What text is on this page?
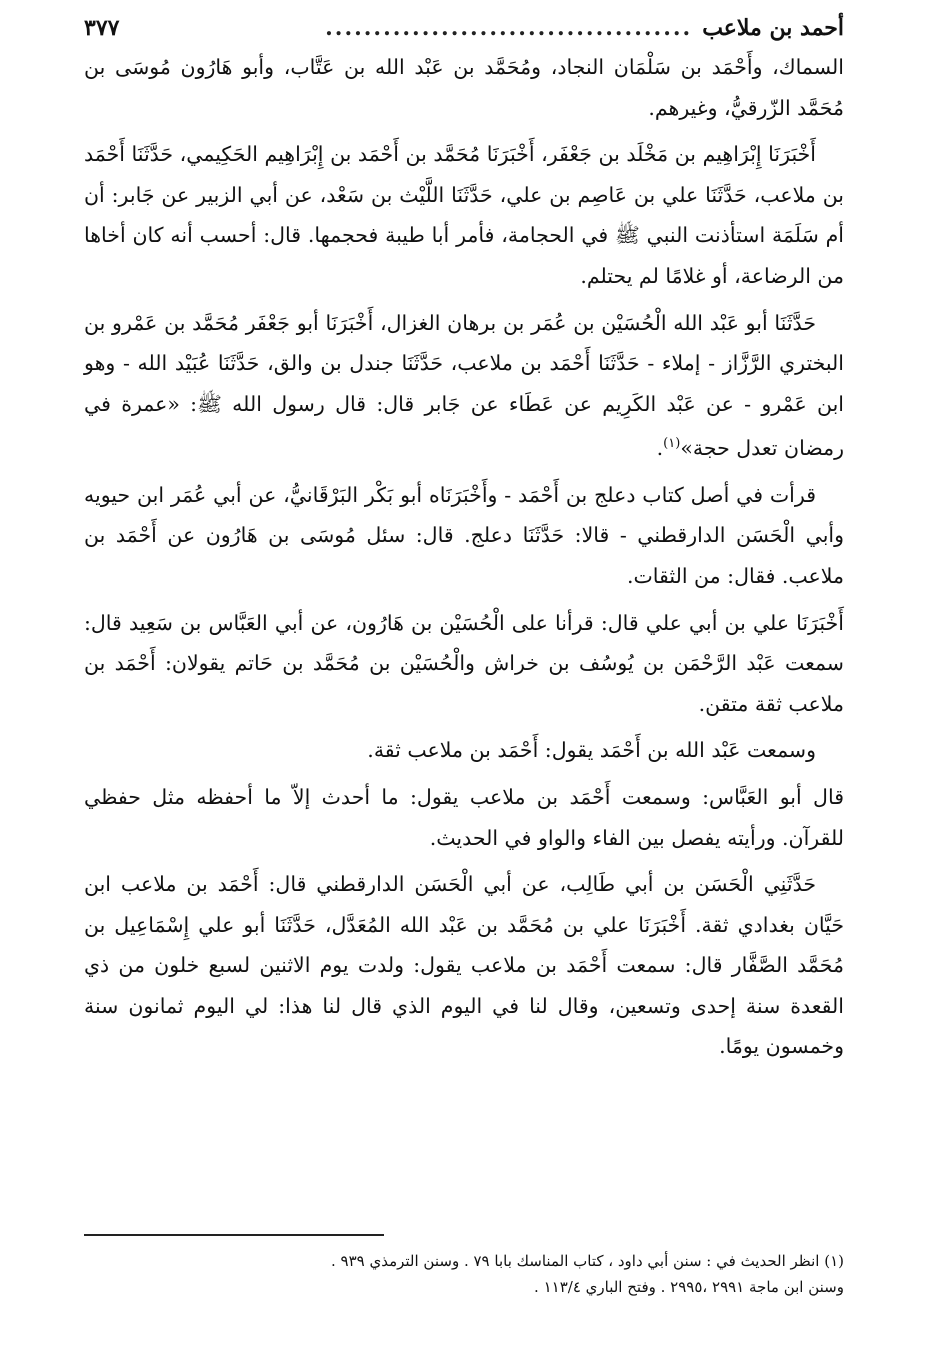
أحمد بن ملاعب
......................................
٣٧٧

السماك، وأَحْمَد بن سَلْمَان النجاد، ومُحَمَّد بن عَبْد الله بن عَتَّاب، وأبو هَارُون مُوسَى بن مُحَمَّد الزّرقيُّ، وغيرهم.

أَخْبَرَنَا إِبْرَاهِيم بن مَخْلَد بن جَعْفَر، أَخْبَرَنَا مُحَمَّد بن أَحْمَد بن إِبْرَاهِيم الحَكِيمي، حَدَّثَنَا أَحْمَد بن ملاعب، حَدَّثَنَا علي بن عَاصِم بن علي، حَدَّثَنَا اللَّيْث بن سَعْد، عن أبي الزبير عن جَابر: أن أم سَلَمَة استأذنت النبي ﷺ في الحجامة، فأمر أبا طيبة فحجمها. قال: أحسب أنه كان أخاها من الرضاعة، أو غلامًا لم يحتلم.

حَدَّثَنَا أبو عَبْد الله الْحُسَيْن بن عُمَر بن برهان الغزال، أَخْبَرَنَا أبو جَعْفَر مُحَمَّد بن عَمْرو بن البختري الرَّزَّاز - إملاء - حَدَّثَنَا أَحْمَد بن ملاعب، حَدَّثَنَا جندل بن والق، حَدَّثَنَا عُبَيْد الله - وهو ابن عَمْرو - عن عَبْد الكَرِيم عن عَطَاء عن جَابر قال: قال رسول الله ﷺ: «عمرة في رمضان تعدل حجة»$^{(١)}$.

قرأت في أصل كتاب دعلج بن أَحْمَد - وأَخْبَرَنَاه أبو بَكْر البَرْقَانيُّ، عن أبي عُمَر ابن حيويه وأبي الْحَسَن الدارقطني - قالا: حَدَّثَنَا دعلج. قال: سئل مُوسَى بن هَارُون عن أَحْمَد بن ملاعب. فقال: من الثقات.

أَخْبَرَنَا علي بن أبي علي قال: قرأنا على الْحُسَيْن بن هَارُون، عن أبي العَبَّاس بن سَعِيد قال: سمعت عَبْد الرَّحْمَن بن يُوسُف بن خراش والْحُسَيْن بن مُحَمَّد بن حَاتم يقولان: أَحْمَد بن ملاعب ثقة متقن.

وسمعت عَبْد الله بن أَحْمَد يقول: أَحْمَد بن ملاعب ثقة.

قال أبو العَبَّاس: وسمعت أَحْمَد بن ملاعب يقول: ما أحدث إلاّ ما أحفظه مثل حفظي للقرآن. ورأيته يفصل بين الفاء والواو في الحديث.

حَدَّثَنِي الْحَسَن بن أبي طَالِب، عن أبي الْحَسَن الدارقطني قال: أَحْمَد بن ملاعب ابن حَيَّان بغدادي ثقة. أَخْبَرَنَا علي بن مُحَمَّد بن عَبْد الله المُعَدَّل، حَدَّثَنَا أبو علي إِسْمَاعِيل بن مُحَمَّد الصَّفَّار قال: سمعت أَحْمَد بن ملاعب يقول: ولدت يوم الاثنين لسبع خلون من ذي القعدة سنة إحدى وتسعين، وقال لنا في اليوم الذي قال لنا هذا: لي اليوم ثمانون سنة وخمسون يومًا.

(١) انظر الحديث في : سنن أبي داود ، كتاب المناسك بابا ٧٩ . وسنن الترمذي ٩٣٩ .

وسنن ابن ماجة ٢٩٩١ ،٢٩٩٥ . وفتح الباري ١١٣/٤ .
